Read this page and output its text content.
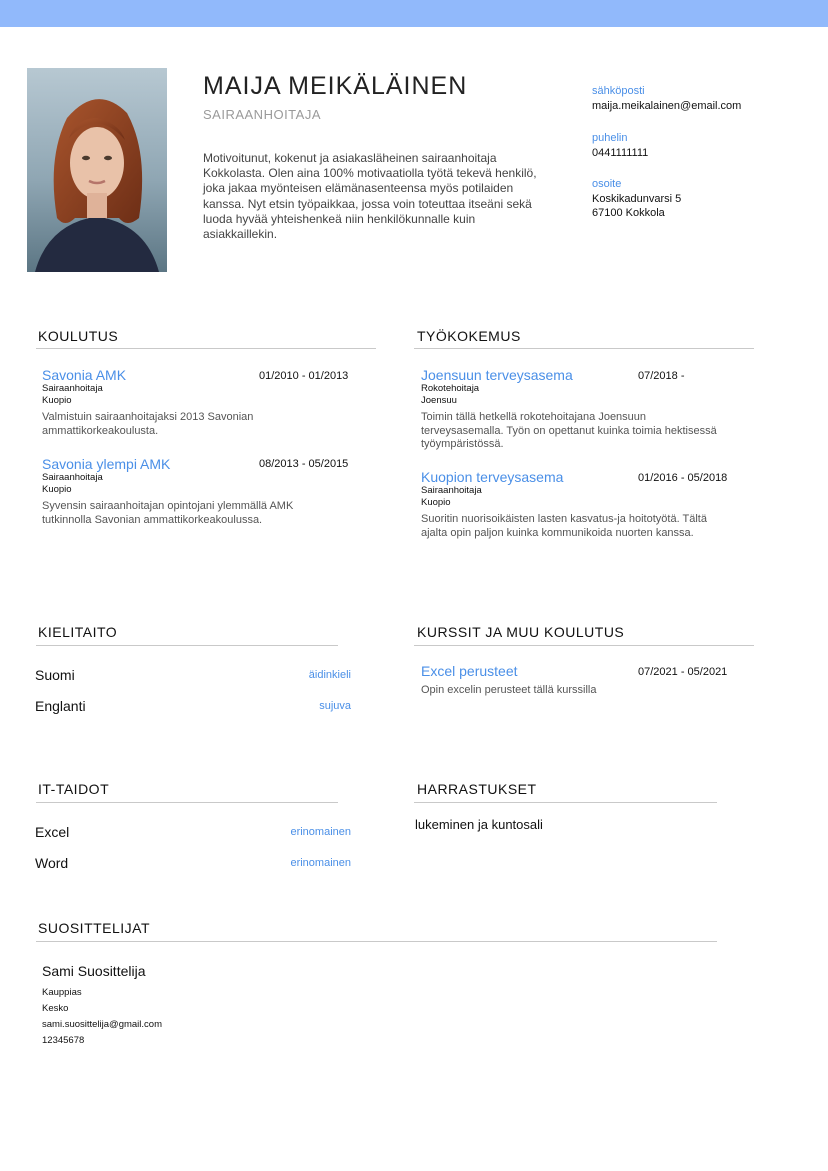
MAIJA MEIKÄLÄINEN
SAIRAANHOITAJA
Motivoitunut, kokenut ja asiakasläheinen sairaanhoitaja Kokkolasta. Olen aina 100% motivaatiolla työtä tekevä henkilö, joka jakaa myönteisen elämänasenteensa myös potilaiden kanssa. Nyt etsin työpaikkaa, jossa voin toteuttaa itseäni sekä luoda hyvää yhteishenkeä niin henkilökunnalle kuin asiakkaillekin.
sähköposti
maija.meikalainen@email.com
puhelin
0441111111
osoite
Koskikadunvarsi 5
67100 Kokkola
KOULUTUS
Savonia AMK	01/2010 - 01/2013
Sairaanhoitaja
Kuopio
Valmistuin sairaanhoitajaksi 2013 Savonian ammattikorkeakoulusta.
Savonia ylempi AMK	08/2013 - 05/2015
Sairaanhoitaja
Kuopio
Syvensin sairaanhoitajan opintojani ylemmällä AMK tutkinnolla Savonian ammattikorkeakoulussa.
TYÖKOKEMUS
Joensuun terveysasema	07/2018 -
Rokotehoitaja
Joensuu
Toimin tällä hetkellä rokotehoitajana Joensuun terveysasemalla. Työn on opettanut kuinka toimia hektisessä työympäristössä.
Kuopion terveysasema	01/2016 - 05/2018
Sairaanhoitaja
Kuopio
Suoritin nuorisoikäisten lasten kasvatus-ja hoitotyötä. Tältä ajalta opin paljon kuinka kommunikoida nuorten kanssa.
KIELITAITO
Suomi	äidinkieli
Englanti	sujuva
KURSSIT JA MUU KOULUTUS
Excel perusteet	07/2021 - 05/2021
Opin excelin perusteet tällä kurssilla
IT-TAIDOT
Excel	erinomainen
Word	erinomainen
HARRASTUKSET
lukeminen ja kuntosali
SUOSITTELIJAT
Sami Suosittelija
Kauppias
Kesko
sami.suosittelija@gmail.com
12345678
